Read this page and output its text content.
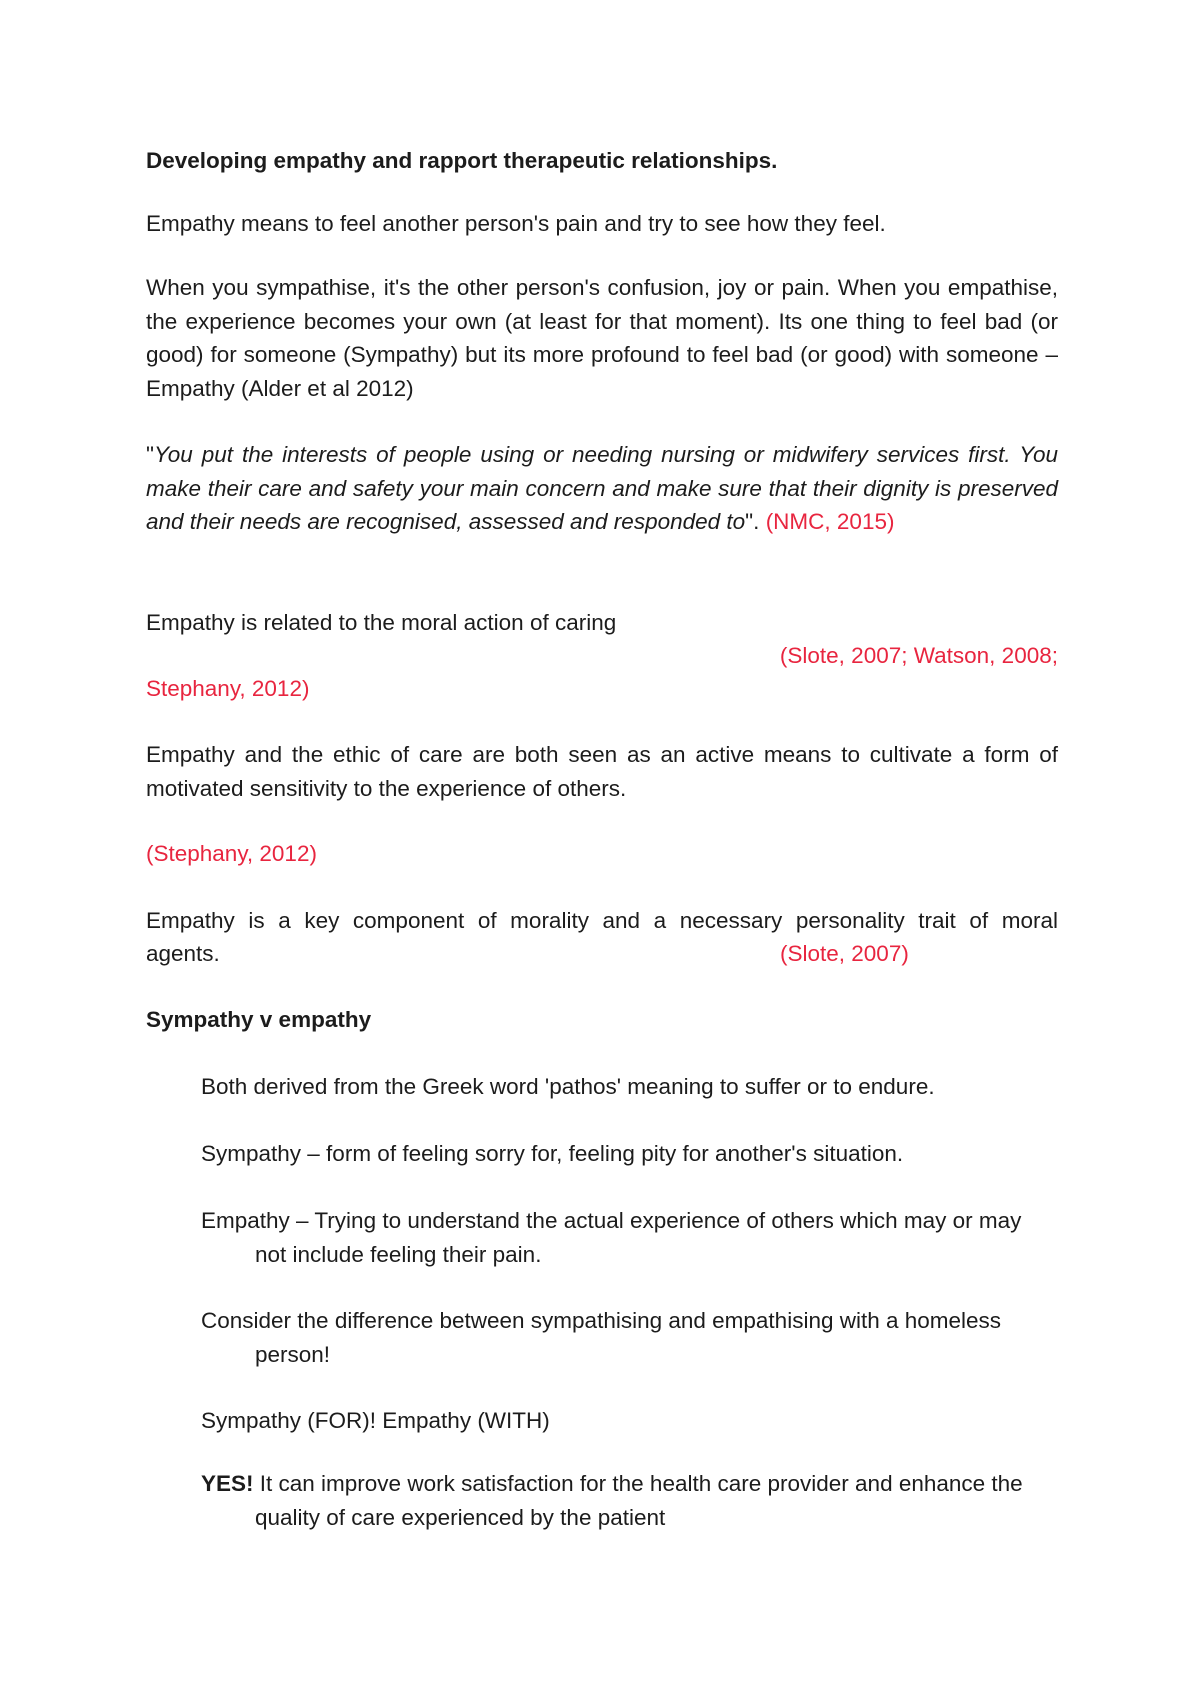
Developing empathy and rapport therapeutic relationships.

Empathy means to feel another person's pain and try to see how they feel.

When you sympathise, it's the other person's confusion, joy or pain. When you empathise, the experience becomes your own (at least for that moment). Its one thing to feel bad (or good) for someone (Sympathy) but its more profound to feel bad (or good) with someone – Empathy (Alder et al 2012)

"You put the interests of people using or needing nursing or midwifery services first. You make their care and safety your main concern and make sure that their dignity is preserved and their needs are recognised, assessed and responded to". (NMC, 2015)

Empathy is related to the moral action of caring

(Slote, 2007; Watson, 2008;

Stephany, 2012)

Empathy and the ethic of care are both seen as an active means to cultivate a form of motivated sensitivity to the experience of others.

(Stephany, 2012)

Empathy is a key component of morality and a necessary personality trait of moral

agents.	(Slote, 2007)

Sympathy v empathy

Both derived from the Greek word 'pathos' meaning to suffer or to endure.

Sympathy – form of feeling sorry for, feeling pity for another's situation.

Empathy – Trying to understand the actual experience of others which may or may not include feeling their pain.

Consider the difference between sympathising and empathising with a homeless person!

Sympathy (FOR)! Empathy (WITH)

YES! It can improve work satisfaction for the health care provider and enhance the quality of care experienced by the patient
